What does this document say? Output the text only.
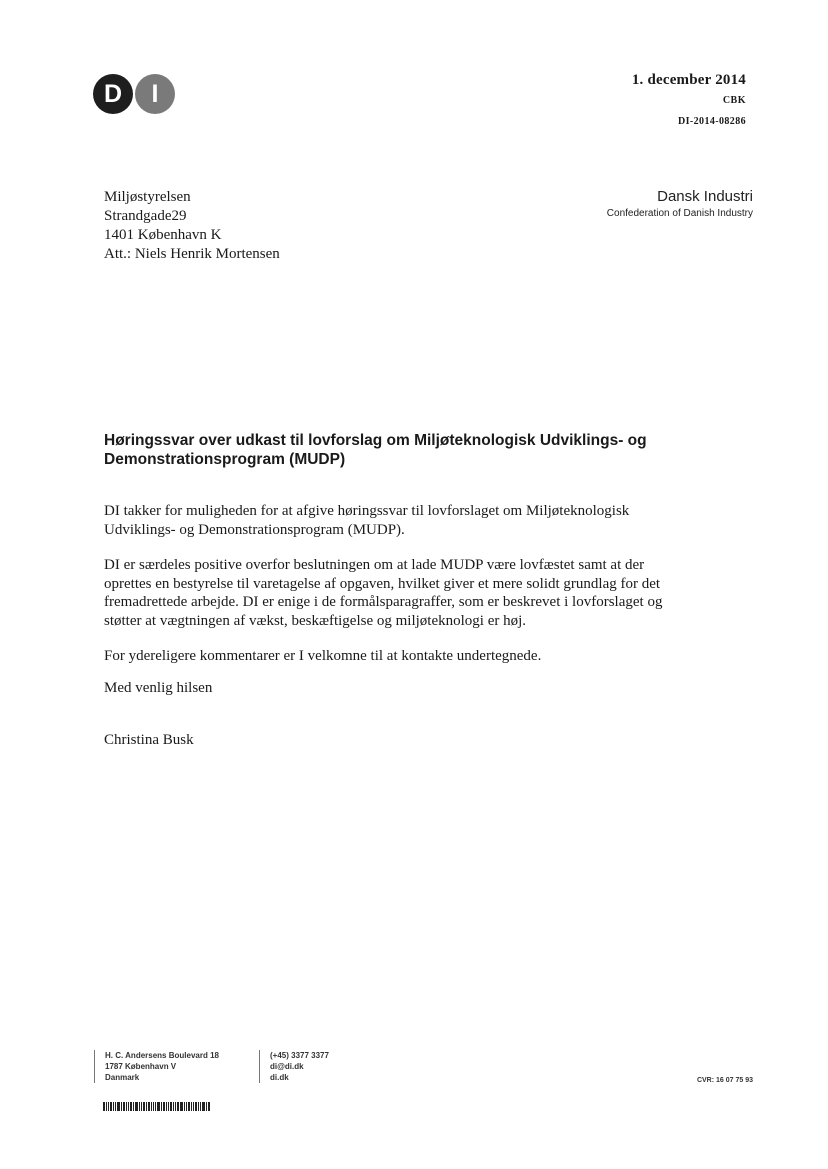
D	I	1. december 2014
CBK
DI-2014-08286
Miljøstyrelsen
Strandgade29
1401 København K
Att.: Niels Henrik Mortensen
Dansk Industri
Confederation of Danish Industry
Høringssvar over udkast til lovforslag om Miljøteknologisk Udviklings- og Demonstrationsprogram (MUDP)

DI takker for muligheden for at afgive høringssvar til lovforslaget om Miljøteknologisk Udviklings- og Demonstrationsprogram (MUDP).

DI er særdeles positive overfor beslutningen om at lade MUDP være lovfæstet samt at der oprettes en bestyrelse til varetagelse af opgaven, hvilket giver et mere solidt grundlag for det fremadrettede arbejde. DI er enige i de formålsparagraffer, som er beskrevet i lovforslaget og støtter at vægtningen af vækst, beskæftigelse og miljøteknologi er høj.

For ydereligere kommentarer er I velkomne til at kontakte undertegnede.

Med venlig hilsen
Christina Busk
H. C. Andersens Boulevard 18
1787 København V
Danmark
(+45) 3377 3377
di@di.dk
di.dk	CVR: 16 07 75 93
